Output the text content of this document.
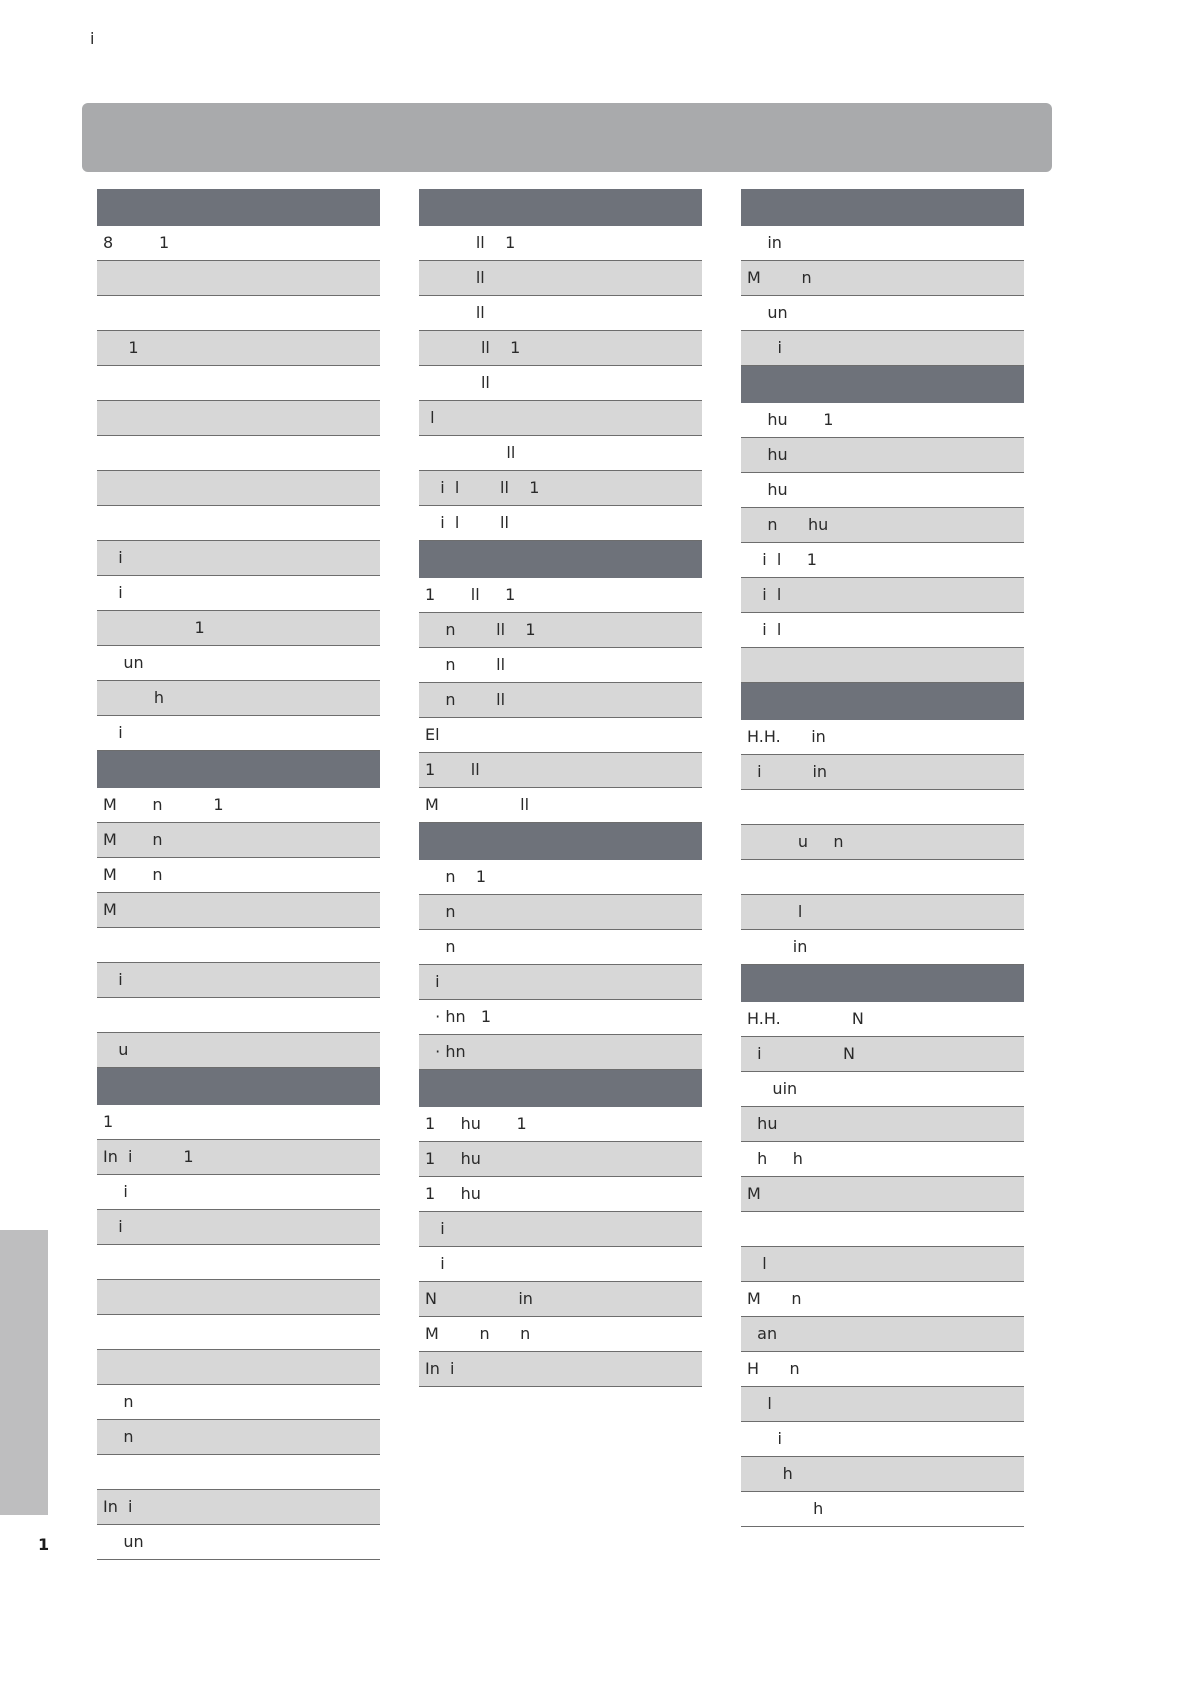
i
8         1
1
i
i
1
un
h
i
M       n          1
M       n
M       n
M
i
u
1
In  i          1
i
i
n
n
In  i
un
ll    1
ll
ll
ll    1
ll
l
ll
i  l        ll    1
i  l        ll
1       ll     1
n        ll    1
n        ll
n        ll
El
1       ll
M                ll
n    1
n
n
i
· hn   1
· hn
1     hu       1
1     hu
1     hu
i
i
N                in
M        n      n
In  i
in
M        n
un
i
hu       1
hu
hu
n      hu
i  l     1
i  l
i  l
H.H.      in
i          in
u     n
l
in
H.H.              N
i                N
uin
hu
h     h
M
l
M      n
an
H      n
l
i
h
h
1
